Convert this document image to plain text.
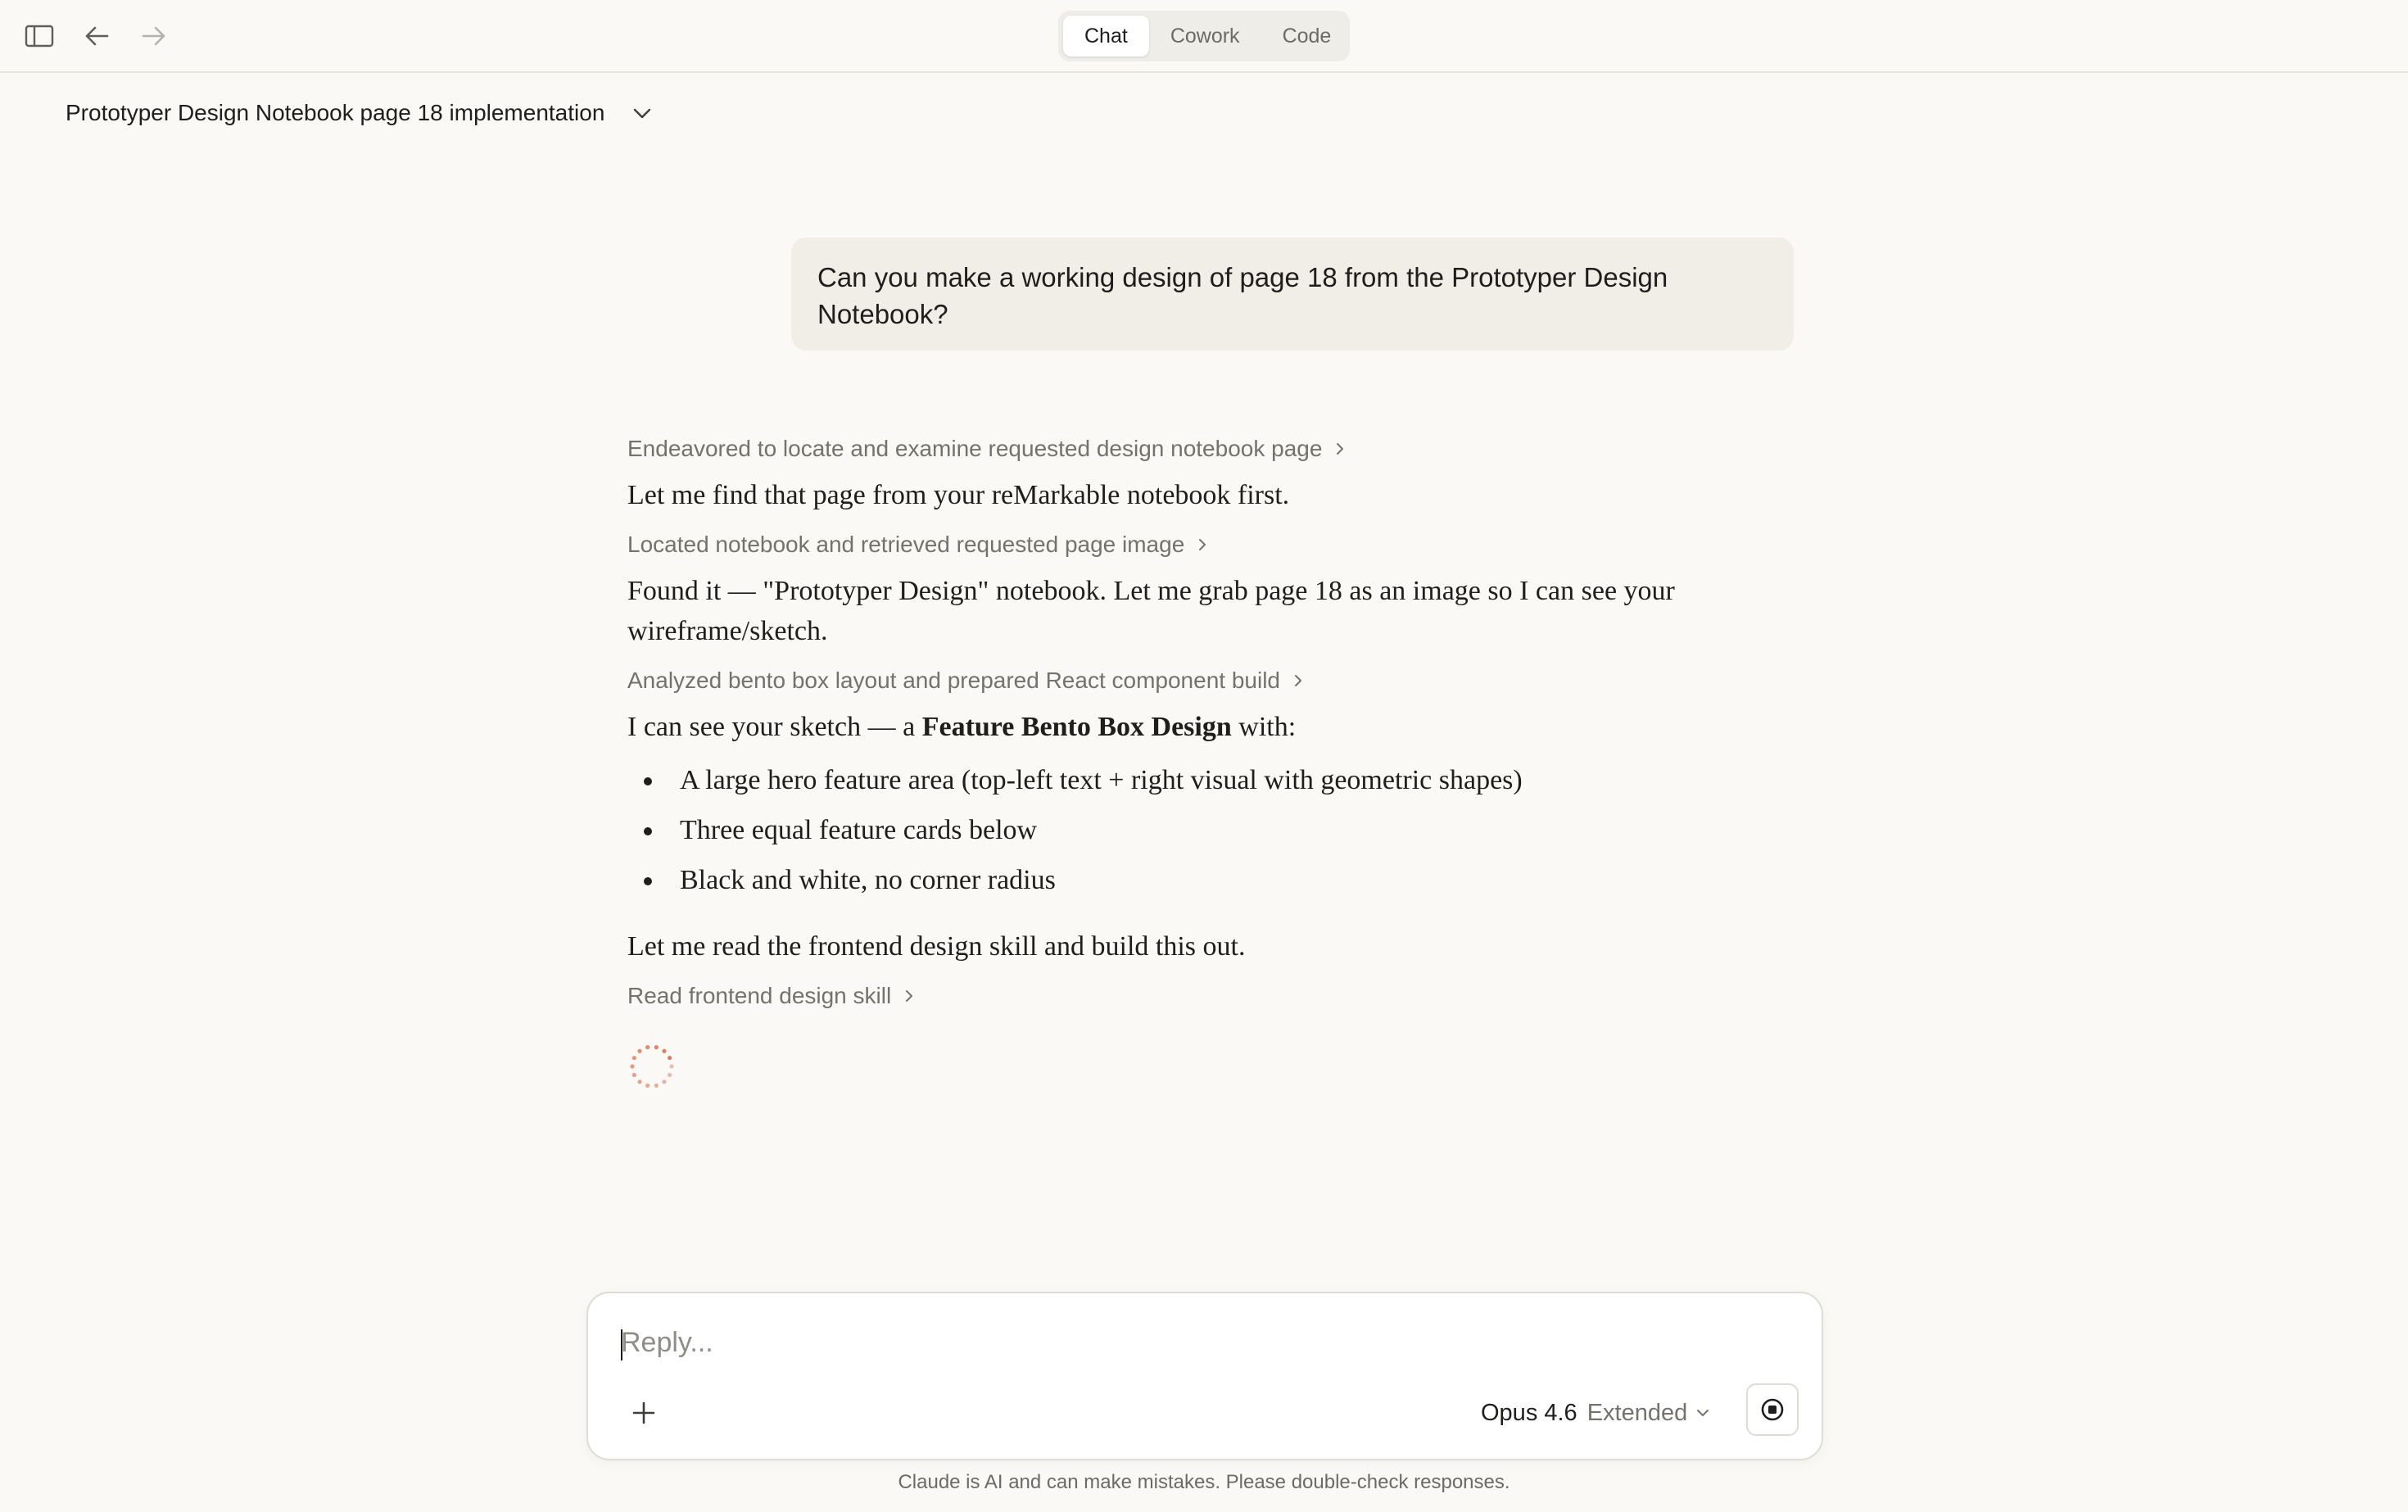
Chat	Cowork	Code
Prototyper Design Notebook page 18 implementation
Can you make a working design of page 18 from the Prototyper Design Notebook?
Endeavored to locate and examine requested design notebook page
Let me find that page from your reMarkable notebook first.
Located notebook and retrieved requested page image
Found it — "Prototyper Design" notebook. Let me grab page 18 as an image so I can see your wireframe/sketch.
Analyzed bento box layout and prepared React component build
I can see your sketch — a Feature Bento Box Design with:
A large hero feature area (top-left text + right visual with geometric shapes)
Three equal feature cards below
Black and white, no corner radius
Let me read the frontend design skill and build this out.
Read frontend design skill
Reply...
Opus 4.6 Extended
Claude is AI and can make mistakes. Please double-check responses.
